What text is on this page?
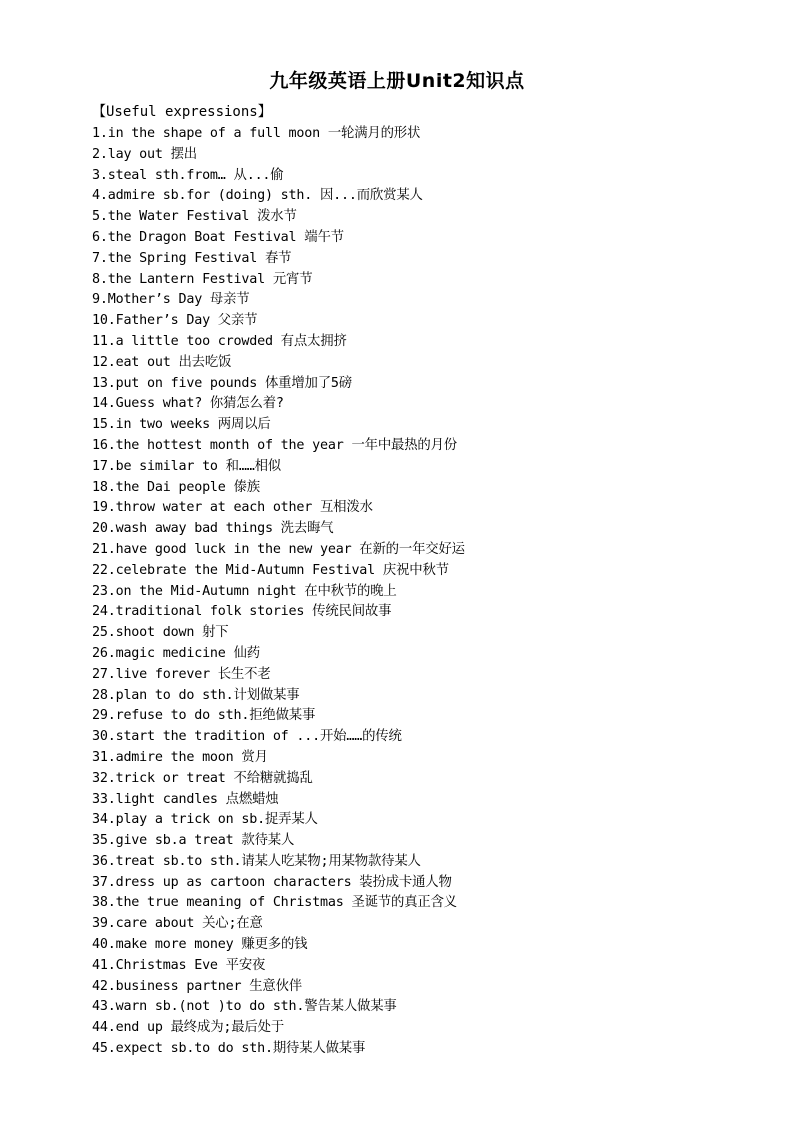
九年级英语上册Unit2知识点
【Useful expressions】
1.in the shape of a full moon 一轮满月的形状
2.lay out 摆出
3.steal sth.from… 从...偷
4.admire sb.for (doing) sth. 因...而欣赏某人
5.the Water Festival 泼水节
6.the Dragon Boat Festival 端午节
7.the Spring Festival 春节
8.the Lantern Festival 元宵节
9.Mother’s Day 母亲节
10.Father’s Day 父亲节
11.a little too crowded 有点太拥挤
12.eat out 出去吃饭
13.put on five pounds 体重增加了5磅
14.Guess what? 你猜怎么着?
15.in two weeks 两周以后
16.the hottest month of the year 一年中最热的月份
17.be similar to 和……相似
18.the Dai people 傣族
19.throw water at each other 互相泼水
20.wash away bad things 洗去晦气
21.have good luck in the new year 在新的一年交好运
22.celebrate the Mid-Autumn Festival 庆祝中秋节
23.on the Mid-Autumn night 在中秋节的晚上
24.traditional folk stories 传统民间故事
25.shoot down 射下
26.magic medicine 仙药
27.live forever 长生不老
28.plan to do sth.计划做某事
29.refuse to do sth.拒绝做某事
30.start the tradition of ...开始……的传统
31.admire the moon 赏月
32.trick or treat 不给糖就捣乱
33.light candles 点燃蜡烛
34.play a trick on sb.捉弄某人
35.give sb.a treat 款待某人
36.treat sb.to sth.请某人吃某物;用某物款待某人
37.dress up as cartoon characters 装扮成卡通人物
38.the true meaning of Christmas 圣诞节的真正含义
39.care about 关心;在意
40.make more money 赚更多的钱
41.Christmas Eve 平安夜
42.business partner 生意伙伴
43.warn sb.(not )to do sth.警告某人做某事
44.end up 最终成为;最后处于
45.expect sb.to do sth.期待某人做某事
